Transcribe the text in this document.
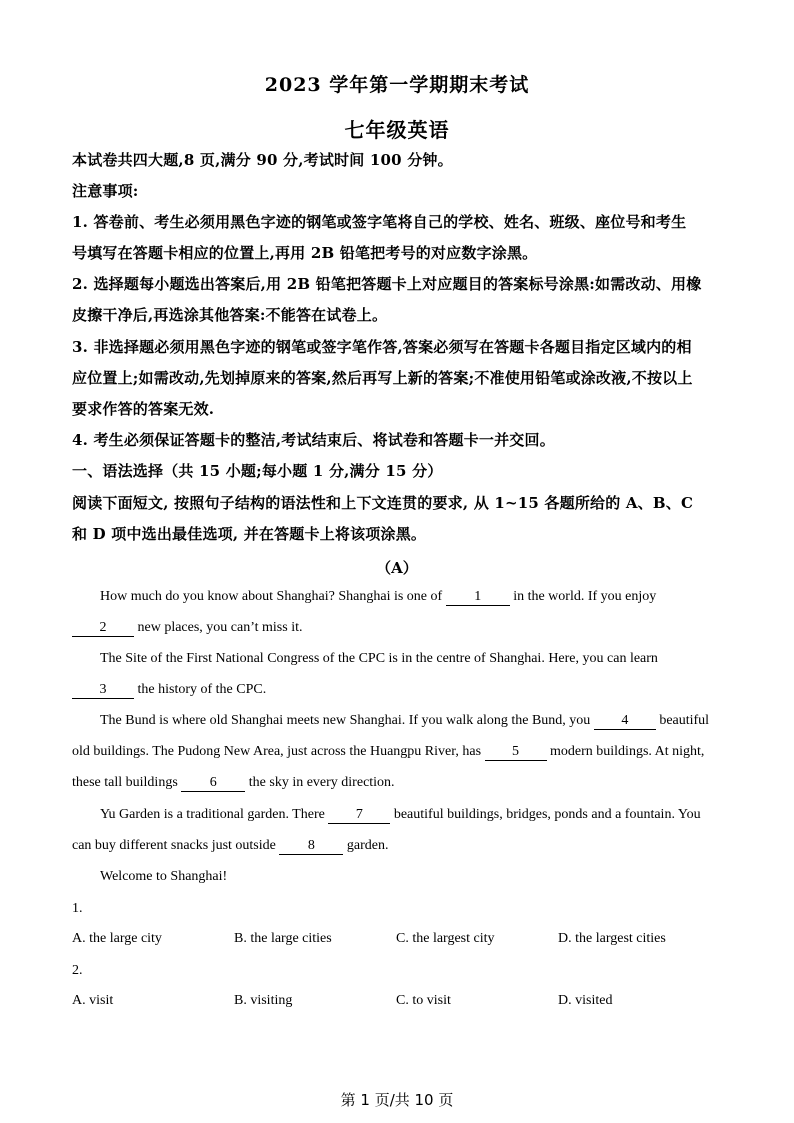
2023 学年第一学期期末考试
七年级英语
本试卷共四大题,8 页,满分 90 分,考试时间 100 分钟。
注意事项:
1. 答卷前、考生必须用黑色字迹的钢笔或签字笔将自己的学校、姓名、班级、座位号和考生
号填写在答题卡相应的位置上,再用 2B 铅笔把考号的对应数字涂黑。
2. 选择题每小题选出答案后,用 2B 铅笔把答题卡上对应题目的答案标号涂黑:如需改动、用橡
皮擦干净后,再选涂其他答案:不能答在试卷上。
3. 非选择题必须用黑色字迹的钢笔或签字笔作答,答案必须写在答题卡各题目指定区域内的相
应位置上;如需改动,先划掉原来的答案,然后再写上新的答案;不准使用铅笔或涂改液,不按以上
要求作答的答案无效.
4. 考生必须保证答题卡的整洁,考试结束后、将试卷和答题卡一并交回。
一、语法选择（共 15 小题;每小题 1 分,满分 15 分）
阅读下面短文, 按照句子结构的语法性和上下文连贯的要求, 从 1~15 各题所给的 A、B、C
和 D 项中选出最佳选项, 并在答题卡上将该项涂黑。
（A）
How much do you know about Shanghai? Shanghai is one of 1 in the world. If you enjoy
2 new places, you can’t miss it.
The Site of the First National Congress of the CPC is in the centre of Shanghai. Here, you can learn
3 the history of the CPC.
The Bund is where old Shanghai meets new Shanghai. If you walk along the Bund, you 4 beautiful
old buildings. The Pudong New Area, just across the Huangpu River, has 5 modern buildings. At night,
these tall buildings 6 the sky in every direction.
Yu Garden is a traditional garden. There 7 beautiful buildings, bridges, ponds and a fountain. You
can buy different snacks just outside 8 garden.
Welcome to Shanghai!
1.
A. the large city	B. the large cities	C. the largest city	D. the largest cities
2.
A. visit	B. visiting	C. to visit	D. visited
第 1 页/共 10 页
